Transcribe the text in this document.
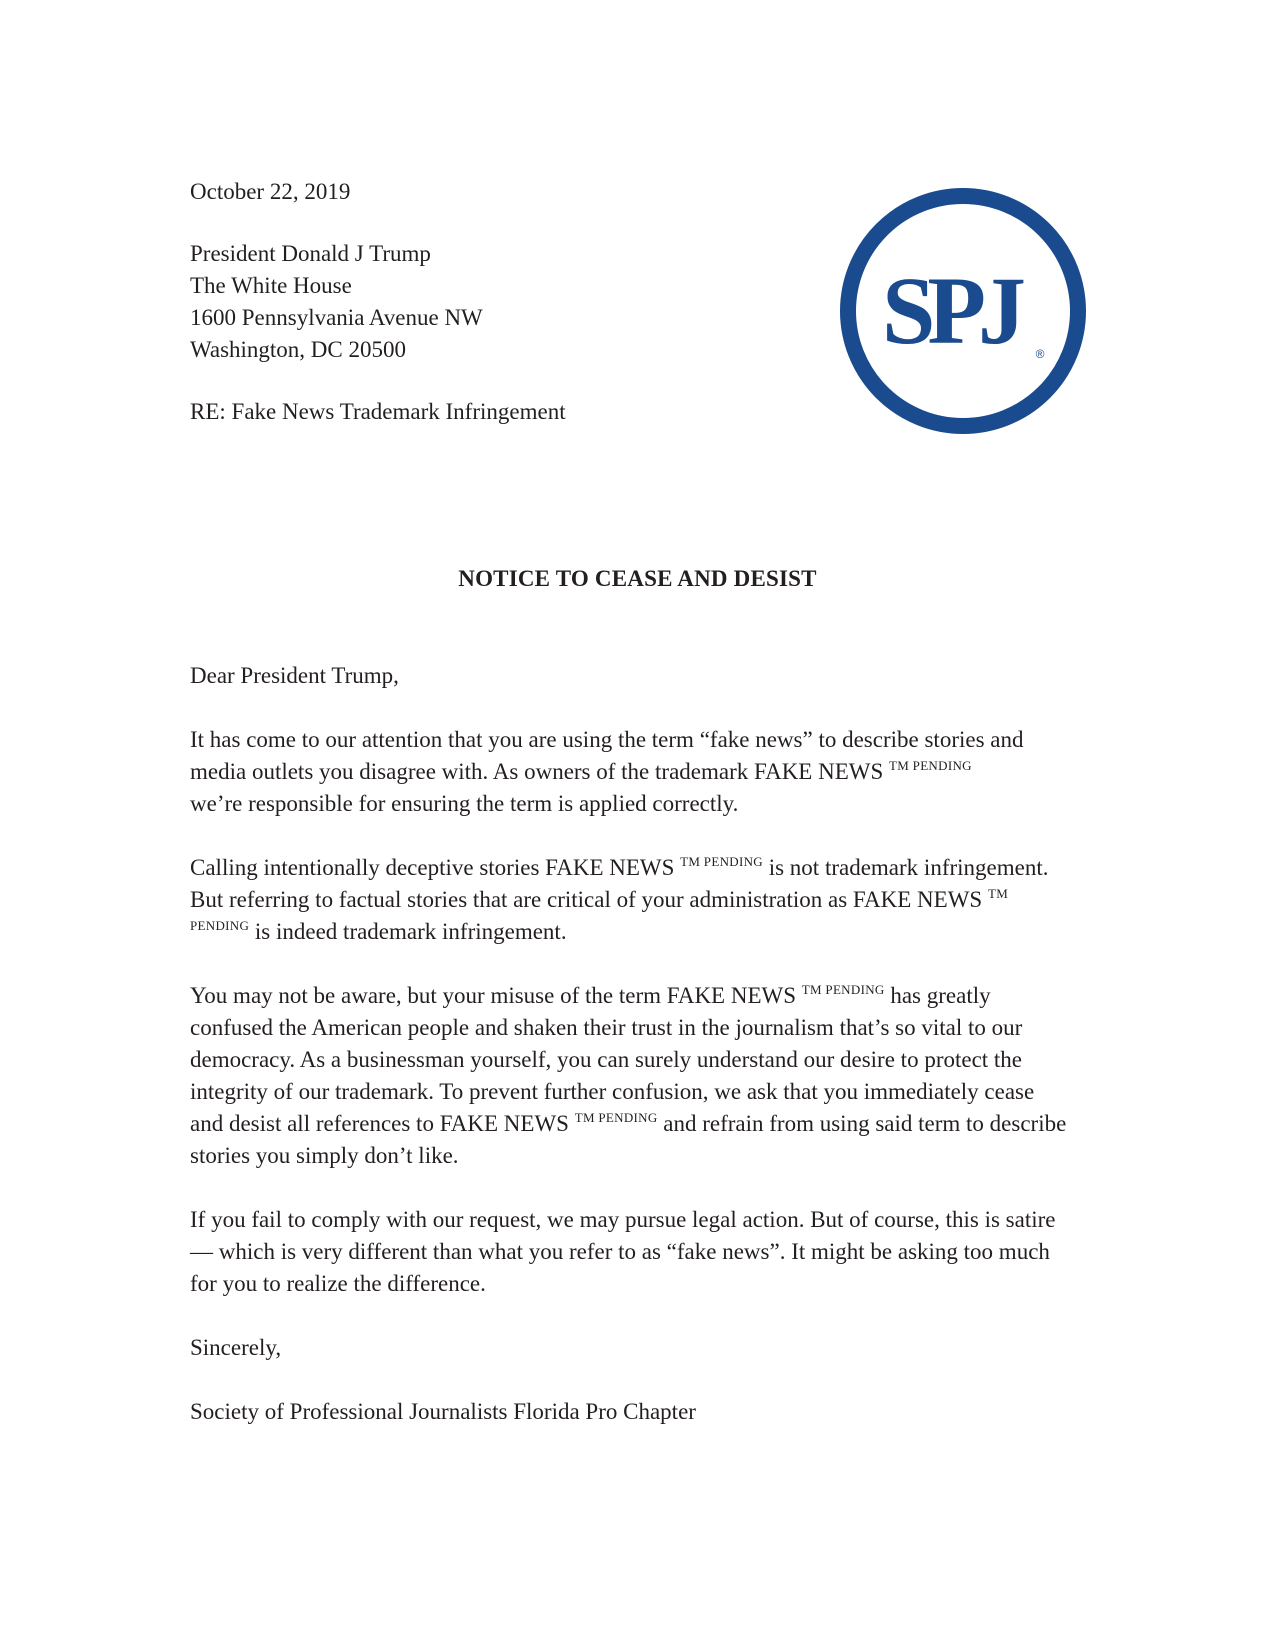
October 22, 2019
President Donald J Trump
The White House
1600 Pennsylvania Avenue NW
Washington, DC 20500
RE: Fake News Trademark Infringement
SPJ	®
NOTICE TO CEASE AND DESIST

Dear President Trump,

It has come to our attention that you are using the term “fake news” to describe stories and media outlets you disagree with. As owners of the trademark FAKE NEWS $^{TM PENDING}$
we’re responsible for ensuring the term is applied correctly.

Calling intentionally deceptive stories FAKE NEWS $^{TM PENDING}$ is not trademark infringement. But referring to factual stories that are critical of your administration as FAKE NEWS $^{TM PENDING}$ is indeed trademark infringement.

You may not be aware, but your misuse of the term FAKE NEWS $^{TM PENDING}$ has greatly confused the American people and shaken their trust in the journalism that’s so vital to our democracy. As a businessman yourself, you can surely understand our desire to protect the integrity of our trademark. To prevent further confusion, we ask that you immediately cease and desist all references to FAKE NEWS $^{TM PENDING}$ and refrain from using said term to describe stories you simply don’t like.

If you fail to comply with our request, we may pursue legal action. But of course, this is satire — which is very different than what you refer to as “fake news”. It might be asking too much for you to realize the difference.

Sincerely,

Society of Professional Journalists Florida Pro Chapter
